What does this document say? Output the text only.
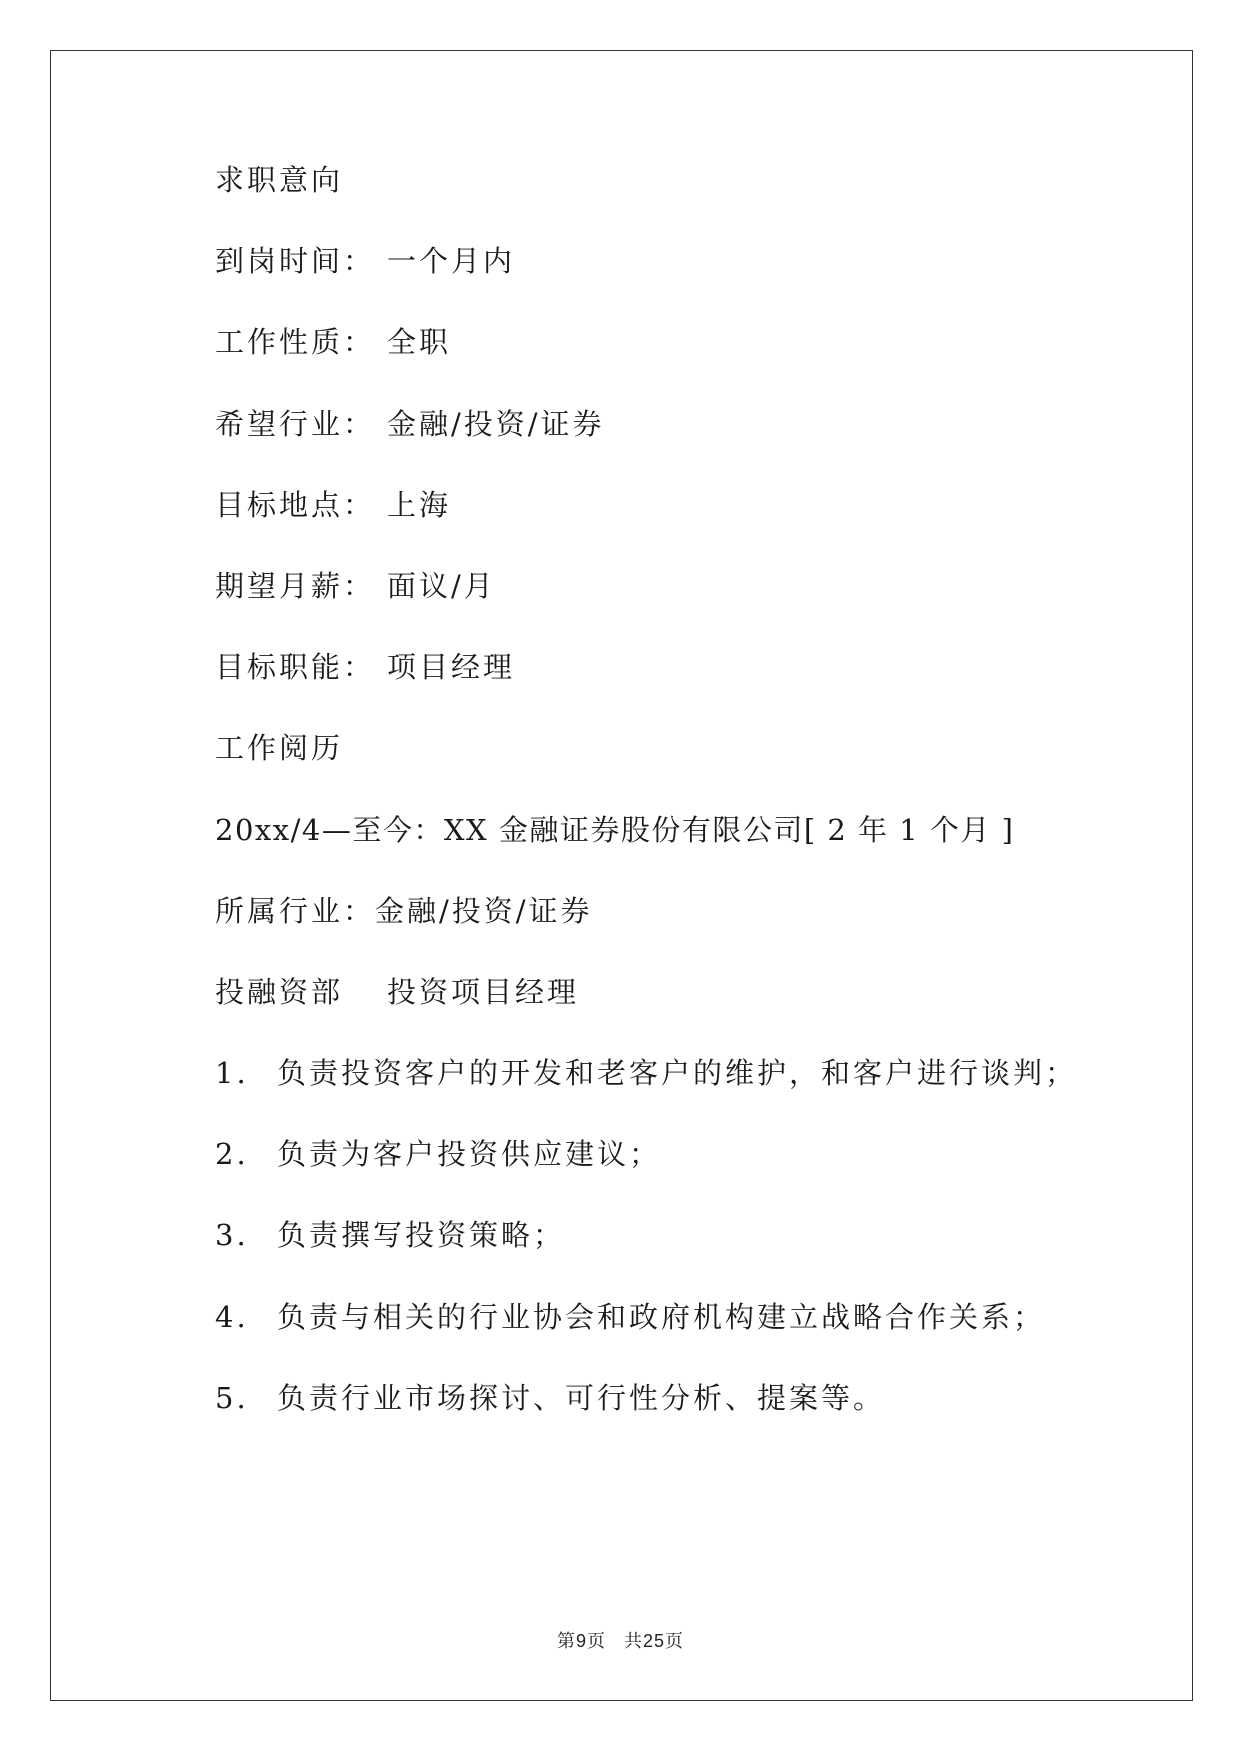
求职意向
到岗时间： 一个月内
工作性质： 全职
希望行业： 金融/投资/证券
目标地点： 上海
期望月薪： 面议/月
目标职能： 项目经理
工作阅历
20xx/4—至今：XX 金融证券股份有限公司[ 2 年 1 个月 ]
所属行业：金融/投资/证券
投融资部 投资项目经理
1. 负责投资客户的开发和老客户的维护，和客户进行谈判；
2. 负责为客户投资供应建议；
3. 负责撰写投资策略；
4. 负责与相关的行业协会和政府机构建立战略合作关系；
5. 负责行业市场探讨、可行性分析、提案等。
第9页 共25页
